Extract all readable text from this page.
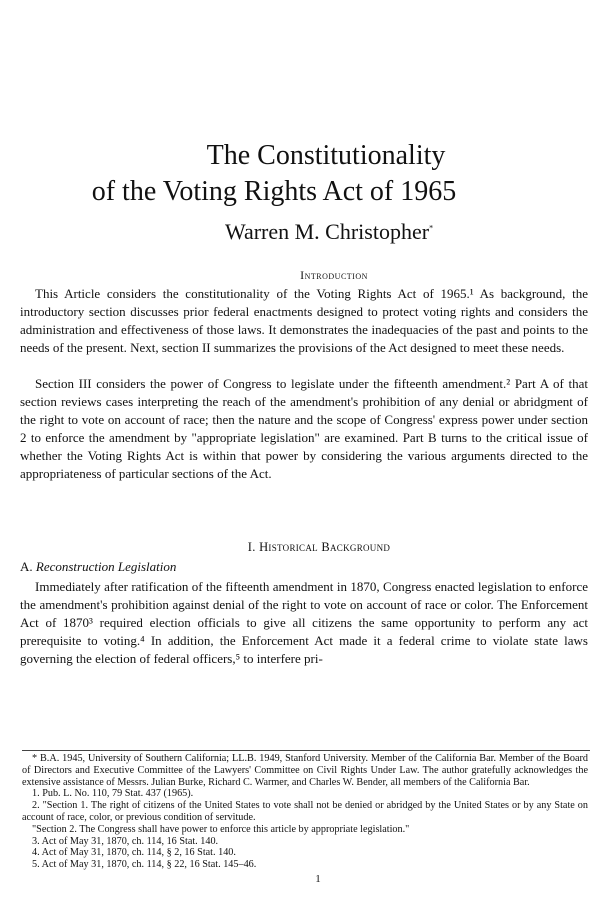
The Constitutionality
of the Voting Rights Act of 1965
Warren M. Christopher*
Introduction

This Article considers the constitutionality of the Voting Rights Act of 1965.¹ As background, the introductory section discusses prior federal enactments designed to protect voting rights and considers the administration and effectiveness of those laws. It demonstrates the inadequacies of the past and points to the needs of the present. Next, section II summarizes the provisions of the Act designed to meet these needs.

Section III considers the power of Congress to legislate under the fifteenth amendment.² Part A of that section reviews cases interpreting the reach of the amendment's prohibition of any denial or abridgment of the right to vote on account of race; then the nature and the scope of Congress' express power under section 2 to enforce the amendment by "appropriate legislation" are examined. Part B turns to the critical issue of whether the Voting Rights Act is within that power by considering the various arguments directed to the appropriateness of particular sections of the Act.

I. Historical Background
A. Reconstruction Legislation

Immediately after ratification of the fifteenth amendment in 1870, Congress enacted legislation to enforce the amendment's prohibition against denial of the right to vote on account of race or color. The Enforcement Act of 1870³ required election officials to give all citizens the same opportunity to perform any act prerequisite to voting.⁴ In addition, the Enforcement Act made it a federal crime to violate state laws governing the election of federal officers,⁵ to interfere pri-

* B.A. 1945, University of Southern California; LL.B. 1949, Stanford University. Member of the California Bar. Member of the Board of Directors and Executive Committee of the Lawyers' Committee on Civil Rights Under Law. The author gratefully acknowledges the extensive assistance of Messrs. Julian Burke, Richard C. Warmer, and Charles W. Bender, all members of the California Bar.

1. Pub. L. No. 110, 79 Stat. 437 (1965).

2. "Section 1. The right of citizens of the United States to vote shall not be denied or abridged by the United States or by any State on account of race, color, or previous condition of servitude.

"Section 2. The Congress shall have power to enforce this article by appropriate legislation."

3. Act of May 31, 1870, ch. 114, 16 Stat. 140.

4. Act of May 31, 1870, ch. 114, § 2, 16 Stat. 140.

5. Act of May 31, 1870, ch. 114, § 22, 16 Stat. 145–46.

1
